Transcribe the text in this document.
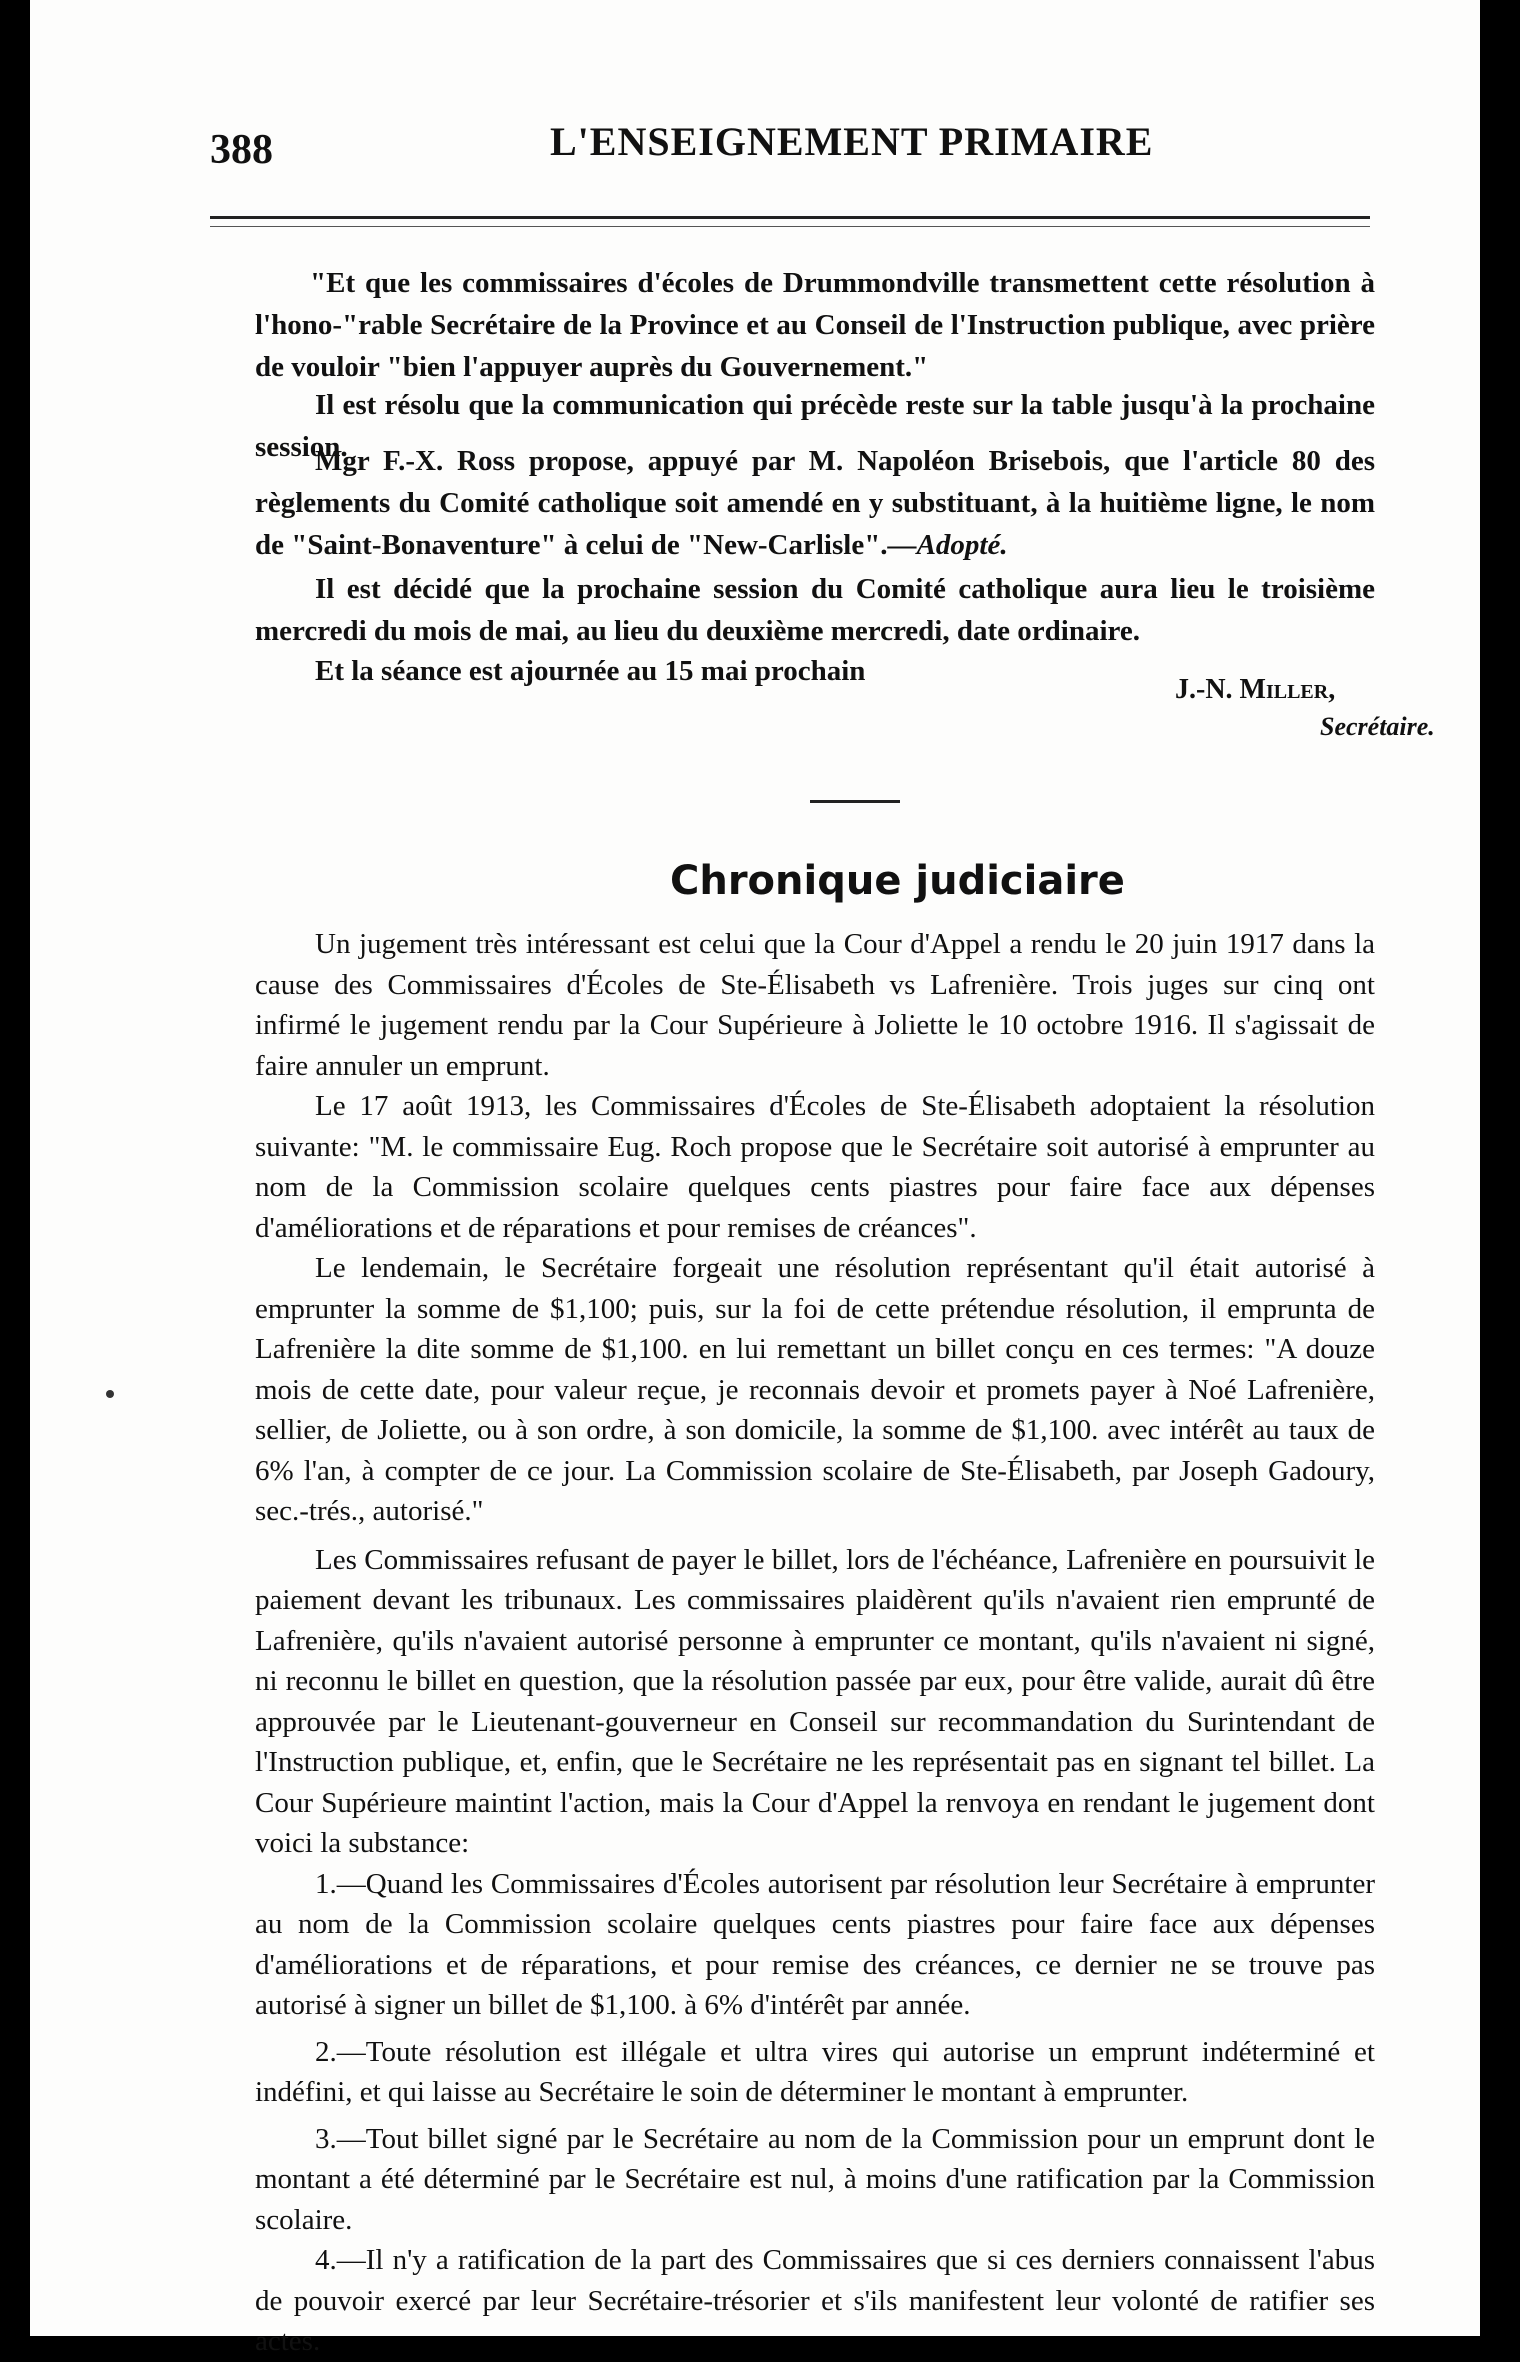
388	L'ENSEIGNEMENT PRIMAIRE

"Et que les commissaires d'écoles de Drummondville transmettent cette résolution à l'hono-"rable Secrétaire de la Province et au Conseil de l'Instruction publique, avec prière de vouloir "bien l'appuyer auprès du Gouvernement."

Il est résolu que la communication qui précède reste sur la table jusqu'à la prochaine session.

Mgr F.-X. Ross propose, appuyé par M. Napoléon Brisebois, que l'article 80 des règlements du Comité catholique soit amendé en y substituant, à la huitième ligne, le nom de "Saint-Bonaventure" à celui de "New-Carlisle".—Adopté.

Il est décidé que la prochaine session du Comité catholique aura lieu le troisième mercredi du mois de mai, au lieu du deuxième mercredi, date ordinaire.

Et la séance est ajournée au 15 mai prochain

J.-N. Miller,
Secrétaire.
Chronique judiciaire

Un jugement très intéressant est celui que la Cour d'Appel a rendu le 20 juin 1917 dans la cause des Commissaires d'Écoles de Ste-Élisabeth vs Lafrenière. Trois juges sur cinq ont infirmé le jugement rendu par la Cour Supérieure à Joliette le 10 octobre 1916. Il s'agissait de faire annuler un emprunt.

Le 17 août 1913, les Commissaires d'Écoles de Ste-Élisabeth adoptaient la résolution suivante: "M. le commissaire Eug. Roch propose que le Secrétaire soit autorisé à emprunter au nom de la Commission scolaire quelques cents piastres pour faire face aux dépenses d'améliorations et de réparations et pour remises de créances".

Le lendemain, le Secrétaire forgeait une résolution représentant qu'il était autorisé à emprunter la somme de $1,100; puis, sur la foi de cette prétendue résolution, il emprunta de Lafrenière la dite somme de $1,100. en lui remettant un billet conçu en ces termes: "A douze mois de cette date, pour valeur reçue, je reconnais devoir et promets payer à Noé Lafrenière, sellier, de Joliette, ou à son ordre, à son domicile, la somme de $1,100. avec intérêt au taux de 6% l'an, à compter de ce jour. La Commission scolaire de Ste-Élisabeth, par Joseph Gadoury, sec.-trés., autorisé."

Les Commissaires refusant de payer le billet, lors de l'échéance, Lafrenière en poursuivit le paiement devant les tribunaux. Les commissaires plaidèrent qu'ils n'avaient rien emprunté de Lafrenière, qu'ils n'avaient autorisé personne à emprunter ce montant, qu'ils n'avaient ni signé, ni reconnu le billet en question, que la résolution passée par eux, pour être valide, aurait dû être approuvée par le Lieutenant-gouverneur en Conseil sur recommandation du Surintendant de l'Instruction publique, et, enfin, que le Secrétaire ne les représentait pas en signant tel billet. La Cour Supérieure maintint l'action, mais la Cour d'Appel la renvoya en rendant le jugement dont voici la substance:

1.—Quand les Commissaires d'Écoles autorisent par résolution leur Secrétaire à emprunter au nom de la Commission scolaire quelques cents piastres pour faire face aux dépenses d'améliorations et de réparations, et pour remise des créances, ce dernier ne se trouve pas autorisé à signer un billet de $1,100. à 6% d'intérêt par année.

2.—Toute résolution est illégale et ultra vires qui autorise un emprunt indéterminé et indéfini, et qui laisse au Secrétaire le soin de déterminer le montant à emprunter.

3.—Tout billet signé par le Secrétaire au nom de la Commission pour un emprunt dont le montant a été déterminé par le Secrétaire est nul, à moins d'une ratification par la Commission scolaire.

4.—Il n'y a ratification de la part des Commissaires que si ces derniers connaissent l'abus de pouvoir exercé par leur Secrétaire-trésorier et s'ils manifestent leur volonté de ratifier ses actes.
